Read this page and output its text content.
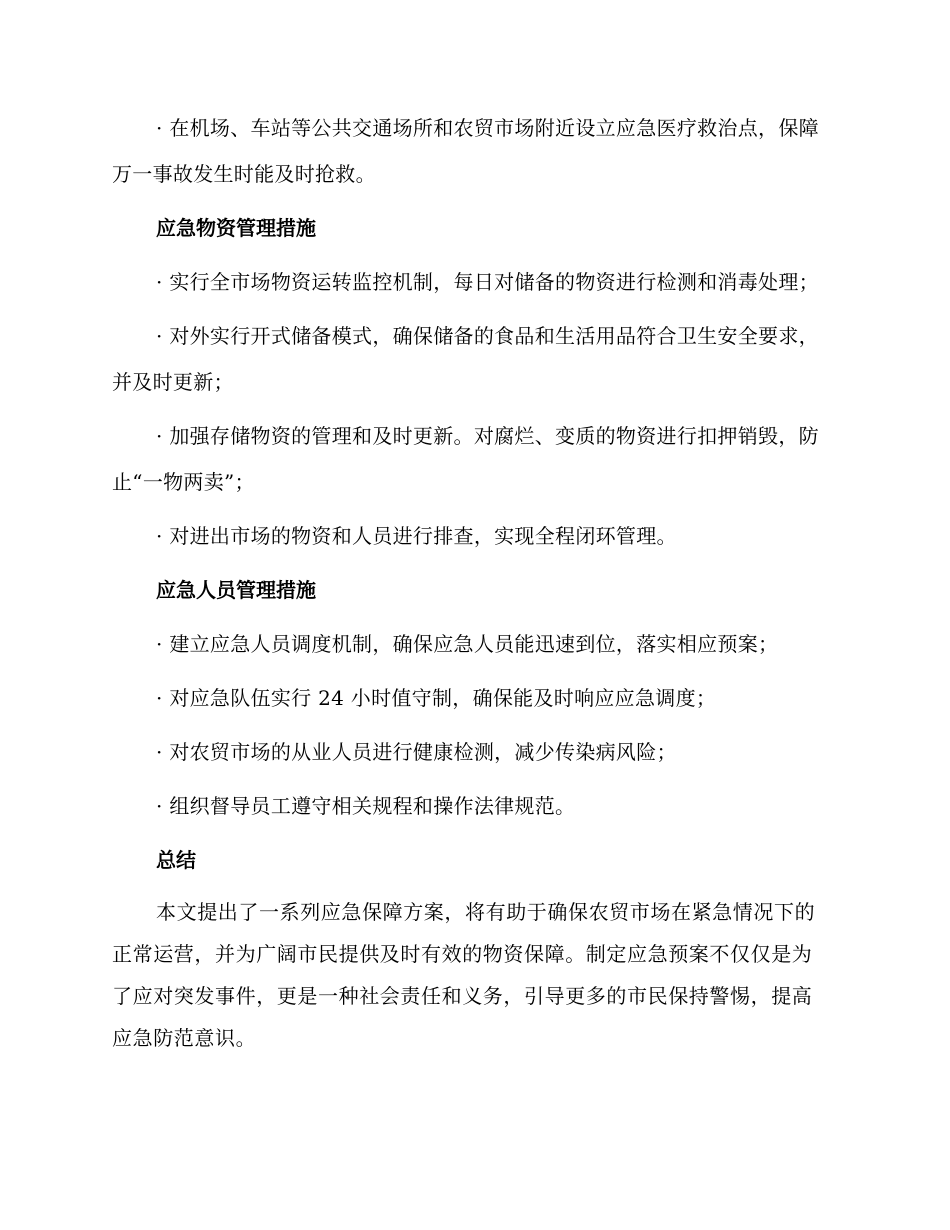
· 在机场、车站等公共交通场所和农贸市场附近设立应急医疗救治点，保障万一事故发生时能及时抢救。

应急物资管理措施

· 实行全市场物资运转监控机制，每日对储备的物资进行检测和消毒处理；

· 对外实行开式储备模式，确保储备的食品和生活用品符合卫生安全要求，并及时更新；

· 加强存储物资的管理和及时更新。对腐烂、变质的物资进行扣押销毁，防止“一物两卖”；

· 对进出市场的物资和人员进行排查，实现全程闭环管理。

应急人员管理措施

· 建立应急人员调度机制，确保应急人员能迅速到位，落实相应预案；

· 对应急队伍实行 24 小时值守制，确保能及时响应应急调度；

· 对农贸市场的从业人员进行健康检测，减少传染病风险；

· 组织督导员工遵守相关规程和操作法律规范。

总结

本文提出了一系列应急保障方案，将有助于确保农贸市场在紧急情况下的正常运营，并为广阔市民提供及时有效的物资保障。制定应急预案不仅仅是为了应对突发事件，更是一种社会责任和义务，引导更多的市民保持警惕，提高应急防范意识。
